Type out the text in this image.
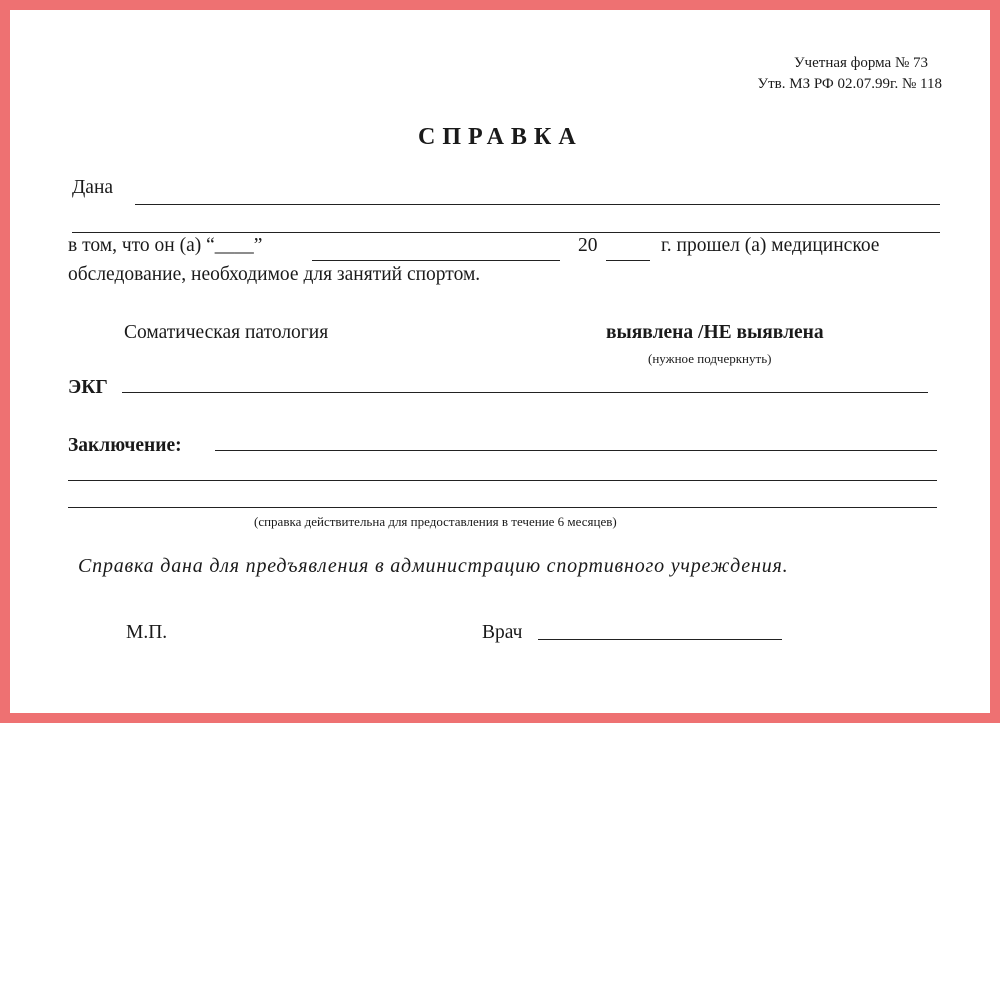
Учетная форма № 73
Утв. МЗ РФ 02.07.99г. № 118
СПРАВКА
Дана
в том, что он (а) “____”	20	г. прошел (а) медицинское
обследование, необходимое для занятий спортом.
Соматическая патология	выявлена /НЕ выявлена
(нужное подчеркнуть)
ЭКГ
Заключение:
(справка действительна для предоставления в течение 6 месяцев)
Справка дана для предъявления в администрацию спортивного учреждения.
М.П.	Врач
